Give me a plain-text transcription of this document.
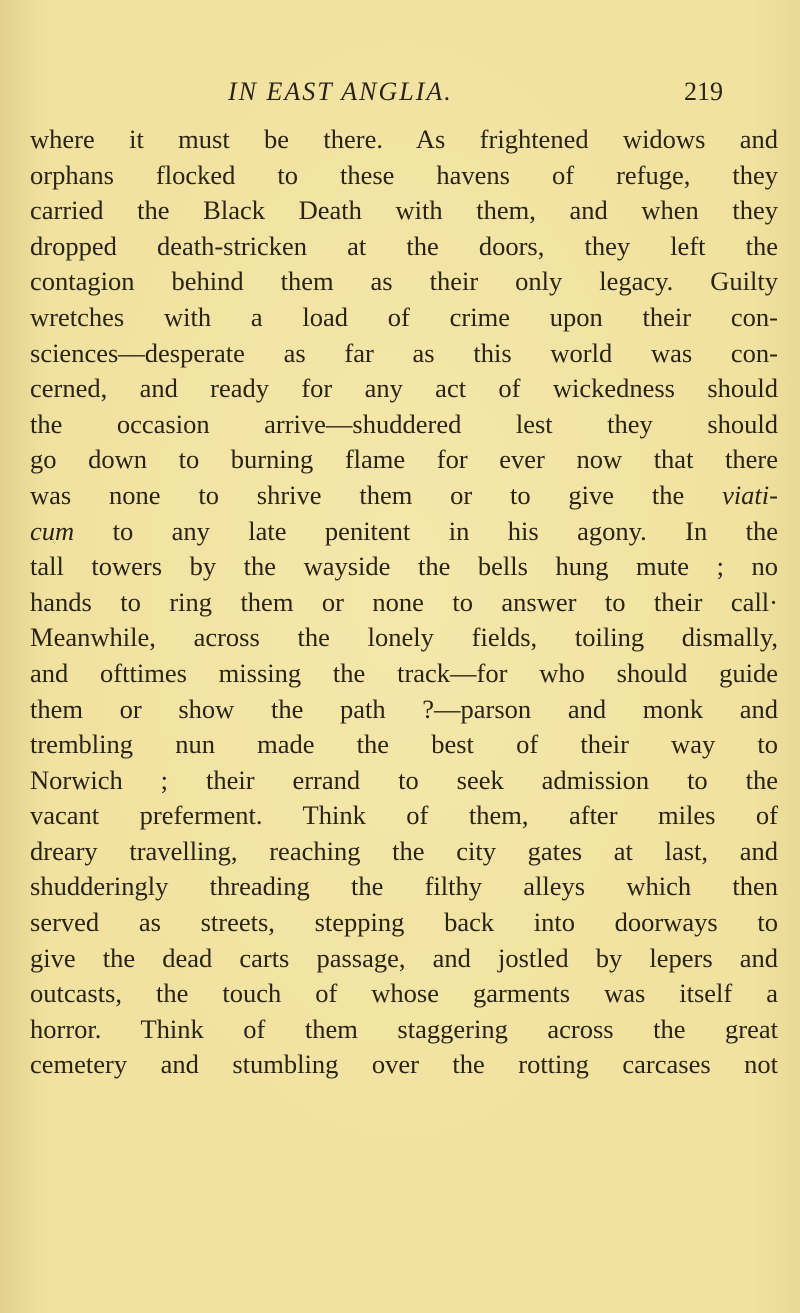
IN EAST ANGLIA.	219
where it must be there. As frightened widows and
orphans flocked to these havens of refuge, they
carried the Black Death with them, and when they
dropped death-stricken at the doors, they left the
contagion behind them as their only legacy. Guilty
wretches with a load of crime upon their con-
sciences—desperate as far as this world was con-
cerned, and ready for any act of wickedness should
the occasion arrive—shuddered lest they should
go down to burning flame for ever now that there
was none to shrive them or to give the viati-
cum to any late penitent in his agony. In the
tall towers by the wayside the bells hung mute ; no
hands to ring them or none to answer to their call·
Meanwhile, across the lonely fields, toiling dismally,
and ofttimes missing the track—for who should guide
them or show the path ?—parson and monk and
trembling nun made the best of their way to
Norwich ; their errand to seek admission to the
vacant preferment. Think of them, after miles of
dreary travelling, reaching the city gates at last, and
shudderingly threading the filthy alleys which then
served as streets, stepping back into doorways to
give the dead carts passage, and jostled by lepers and
outcasts, the touch of whose garments was itself a
horror. Think of them staggering across the great
cemetery and stumbling over the rotting carcases not
